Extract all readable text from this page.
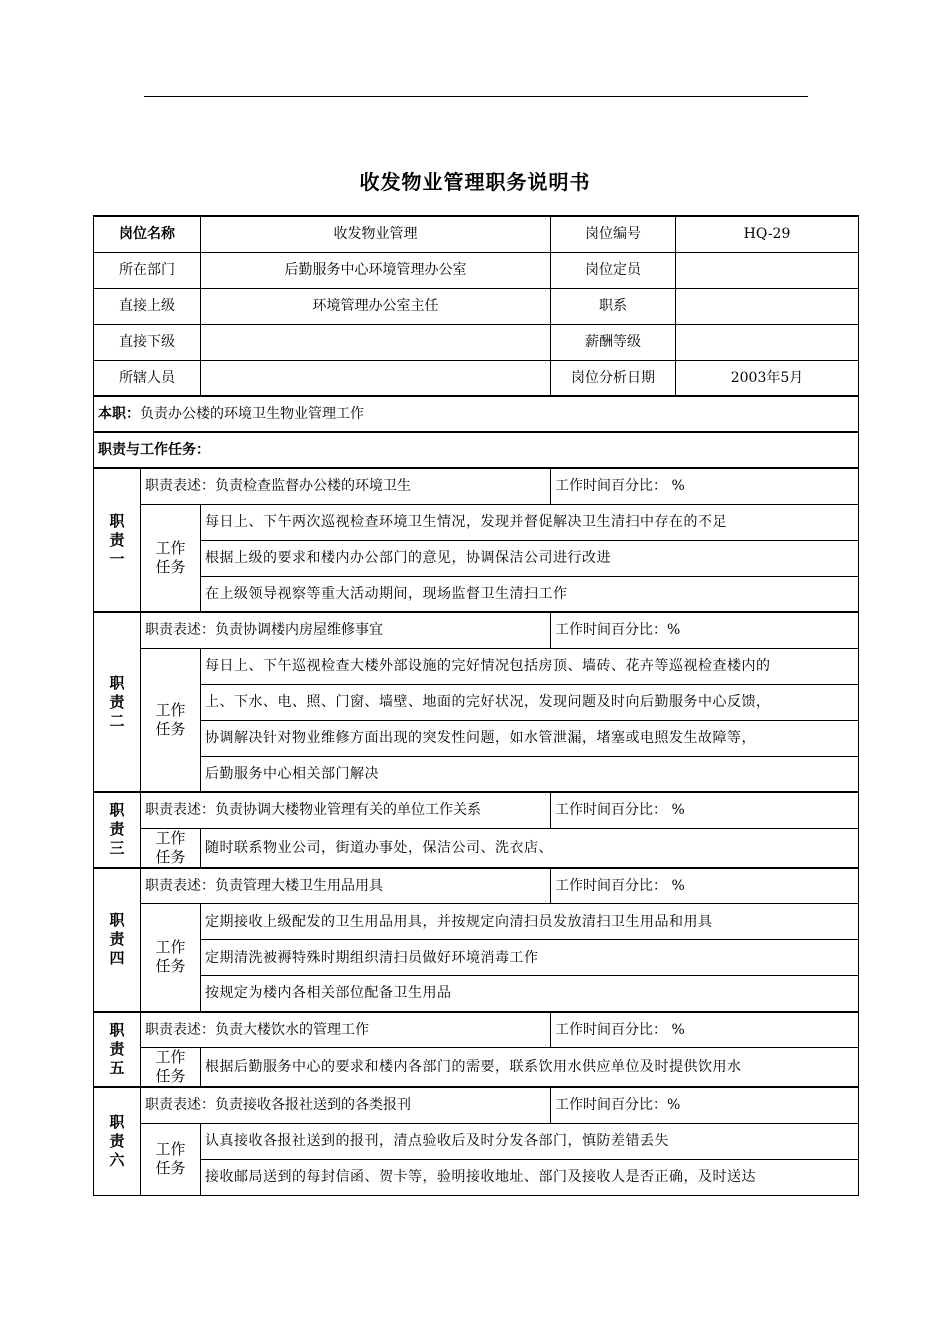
收发物业管理职务说明书
岗位名称		收发物业管理	岗位编号	HQ-29
所在部门		后勤服务中心环境管理办公室	岗位定员	
直接上级		环境管理办公室主任	职系	
直接下级			薪酬等级	
所辖人员			岗位分析日期	2003年5月
本职：负责办公楼的环境卫生物业管理工作				
职责与工作任务：				

职
责
一	职责表述：负责检查监督办公楼的环境卫生		工作时间百分比： %	

	工作
任务	每日上、下午两次巡视检查环境卫生情况，发现并督促解决卫生清扫中存在的不足		
		根据上级的要求和楼内办公部门的意见，协调保洁公司进行改进		
		在上级领导视察等重大活动期间，现场监督卫生清扫工作		

职
责
二	职责表述：负责协调楼内房屋维修事宜		工作时间百分比：%	

	工作
任务	每日上、下午巡视检查大楼外部设施的完好情况包括房顶、墙砖、花卉等巡视检查楼内的		
		上、下水、电、照、门窗、墙壁、地面的完好状况，发现问题及时向后勤服务中心反馈，		
		协调解决针对物业维修方面出现的突发性问题，如水管泄漏，堵塞或电照发生故障等，		
		后勤服务中心相关部门解决		

职
责
三	职责表述：负责协调大楼物业管理有关的单位工作关系		工作时间百分比： %	

	工作
任务	随时联系物业公司，街道办事处，保洁公司、洗衣店、		

职
责
四	职责表述：负责管理大楼卫生用品用具		工作时间百分比： %	

	工作
任务	定期接收上级配发的卫生用品用具，并按规定向清扫员发放清扫卫生用品和用具		
		定期清洗被褥特殊时期组织清扫员做好环境消毒工作		
		按规定为楼内各相关部位配备卫生用品		

职
责
五	职责表述：负责大楼饮水的管理工作		工作时间百分比： %	

	工作
任务	根据后勤服务中心的要求和楼内各部门的需要，联系饮用水供应单位及时提供饮用水		

职
责
六	职责表述：负责接收各报社送到的各类报刊		工作时间百分比：%	

	工作
任务	认真接收各报社送到的报刊，清点验收后及时分发各部门，慎防差错丢失		
		接收邮局送到的每封信函、贺卡等，验明接收地址、部门及接收人是否正确，及时送达		
